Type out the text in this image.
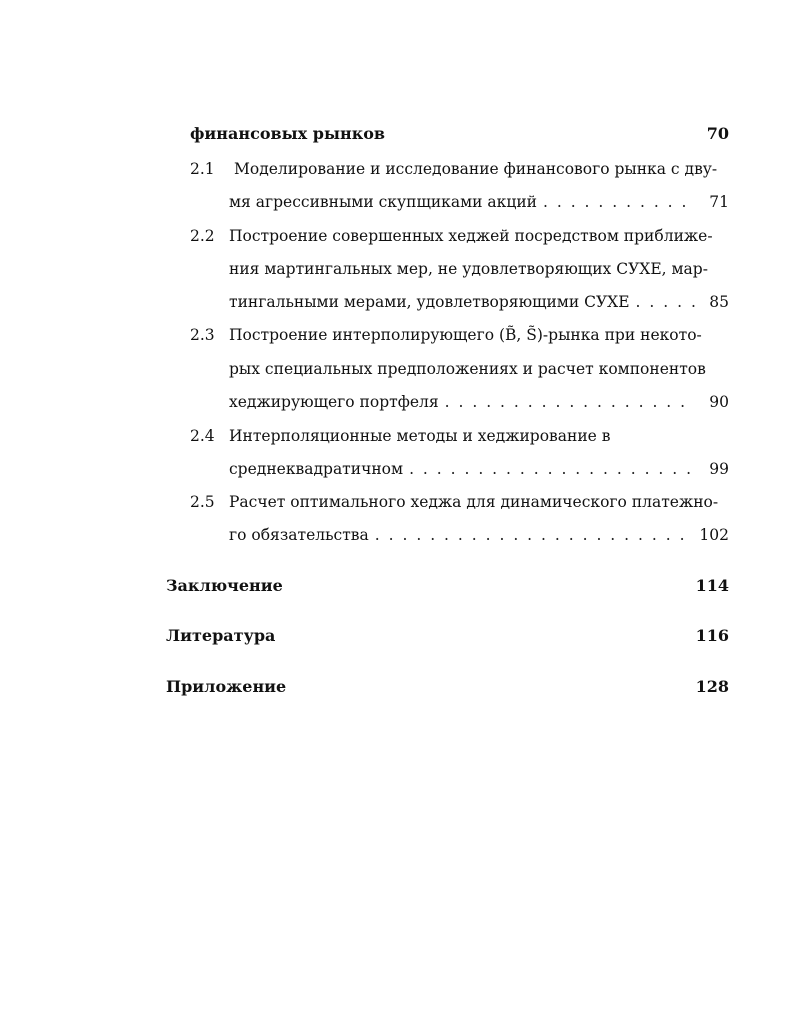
финансовых рынков	70
2.1 Моделирование и исследование финансового рынка с дву-
мя агрессивными скупщиками акций . . .	71
2.2 Построение совершенных хеджей посредством приближе-
ния мартингальных мер, не удовлетворяющих СУХЕ, мар-
тингальными мерами, удовлетворяющими СУХЕ . . .	85
2.3 Построение интерполирующего (B̃, S̃)-рынка при некото-
рых специальных предположениях и расчет компонентов
хеджирующего портфеля . . .	90
2.4 Интерполяционные методы и хеджирование в
среднеквадратичном . . .	99
2.5 Расчет оптимального хеджа для динамического платежно-
го обязательства . . .	102
Заключение	114
Литература	116
Приложение	128
